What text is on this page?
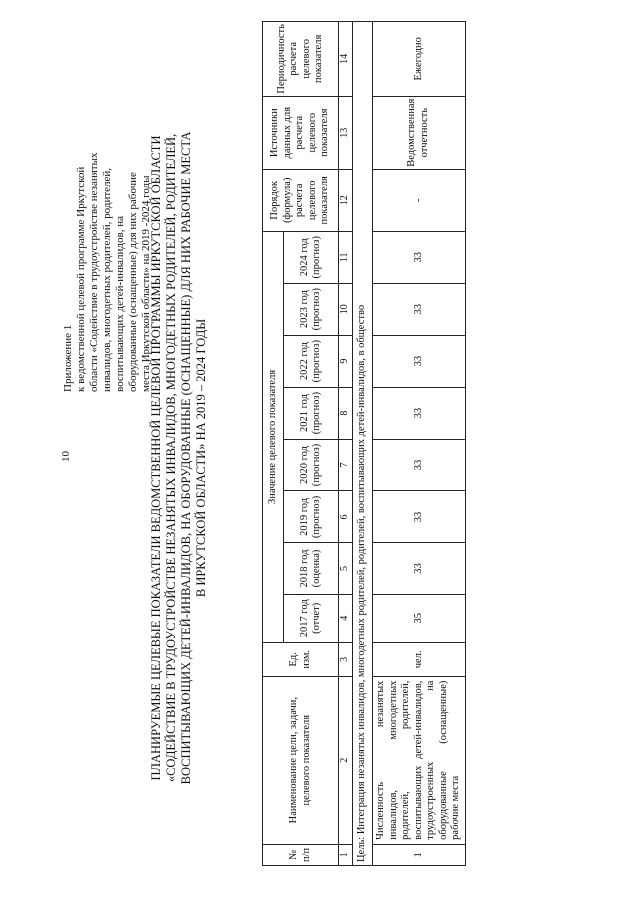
10
Приложение 1 к ведомственной целевой программе Иркутской области «Содействие в трудоустройстве незанятых инвалидов, многодетных родителей, родителей, воспитывающих детей-инвалидов, на оборудованные (оснащенные) для них рабочие места Иркутской области» на 2019 -2024 годы
ПЛАНИРУЕМЫЕ ЦЕЛЕВЫЕ ПОКАЗАТЕЛИ ВЕДОМСТВЕННОЙ ЦЕЛЕВОЙ ПРОГРАММЫ ИРКУТСКОЙ ОБЛАСТИ «СОДЕЙСТВИЕ В ТРУДОУСТРОЙСТВЕ НЕЗАНЯТЫХ ИНВАЛИДОВ, МНОГОДЕТНЫХ РОДИТЕЛЕЙ, РОДИТЕЛЕЙ, ВОСПИТЫВАЮЩИХ ДЕТЕЙ-ИНВАЛИДОВ, НА ОБОРУДОВАННЫЕ (ОСНАЩЕННЫЕ) ДЛЯ НИХ РАБОЧИЕ МЕСТА В ИРКУТСКОЙ ОБЛАСТИ» НА 2019 – 2024 ГОДЫ
№ п/п	Наименование цели, задачи, целевого показателя	Ед. изм.	Значение целевого показателя								Порядок (формула) расчета целевого показателя	Источники данных для расчета целевого показателя	Периодичность расчета целевого показателя
			2017 год (отчет)	2018 год (оценка)	2019 год (прогноз)	2020 год (прогноз)	2021 год (прогноз)	2022 год (прогноз)	2023 год (прогноз)	2024 год (прогноз)			
1	2	3	4	5	6	7	8	9	10	11	12	13	14
Цель: Интеграция незанятых инвалидов, многодетных родителей, родителей, воспитывающих детей-инвалидов, в общество													
1	Численность незанятых инвалидов, многодетных родителей, родителей, воспитывающих детей-инвалидов, трудоустроенных на оборудованные (оснащенные) рабочие места	чел.	35	33	33	33	33	33	33	33	-	Ведомственная отчетность	Ежегодно
